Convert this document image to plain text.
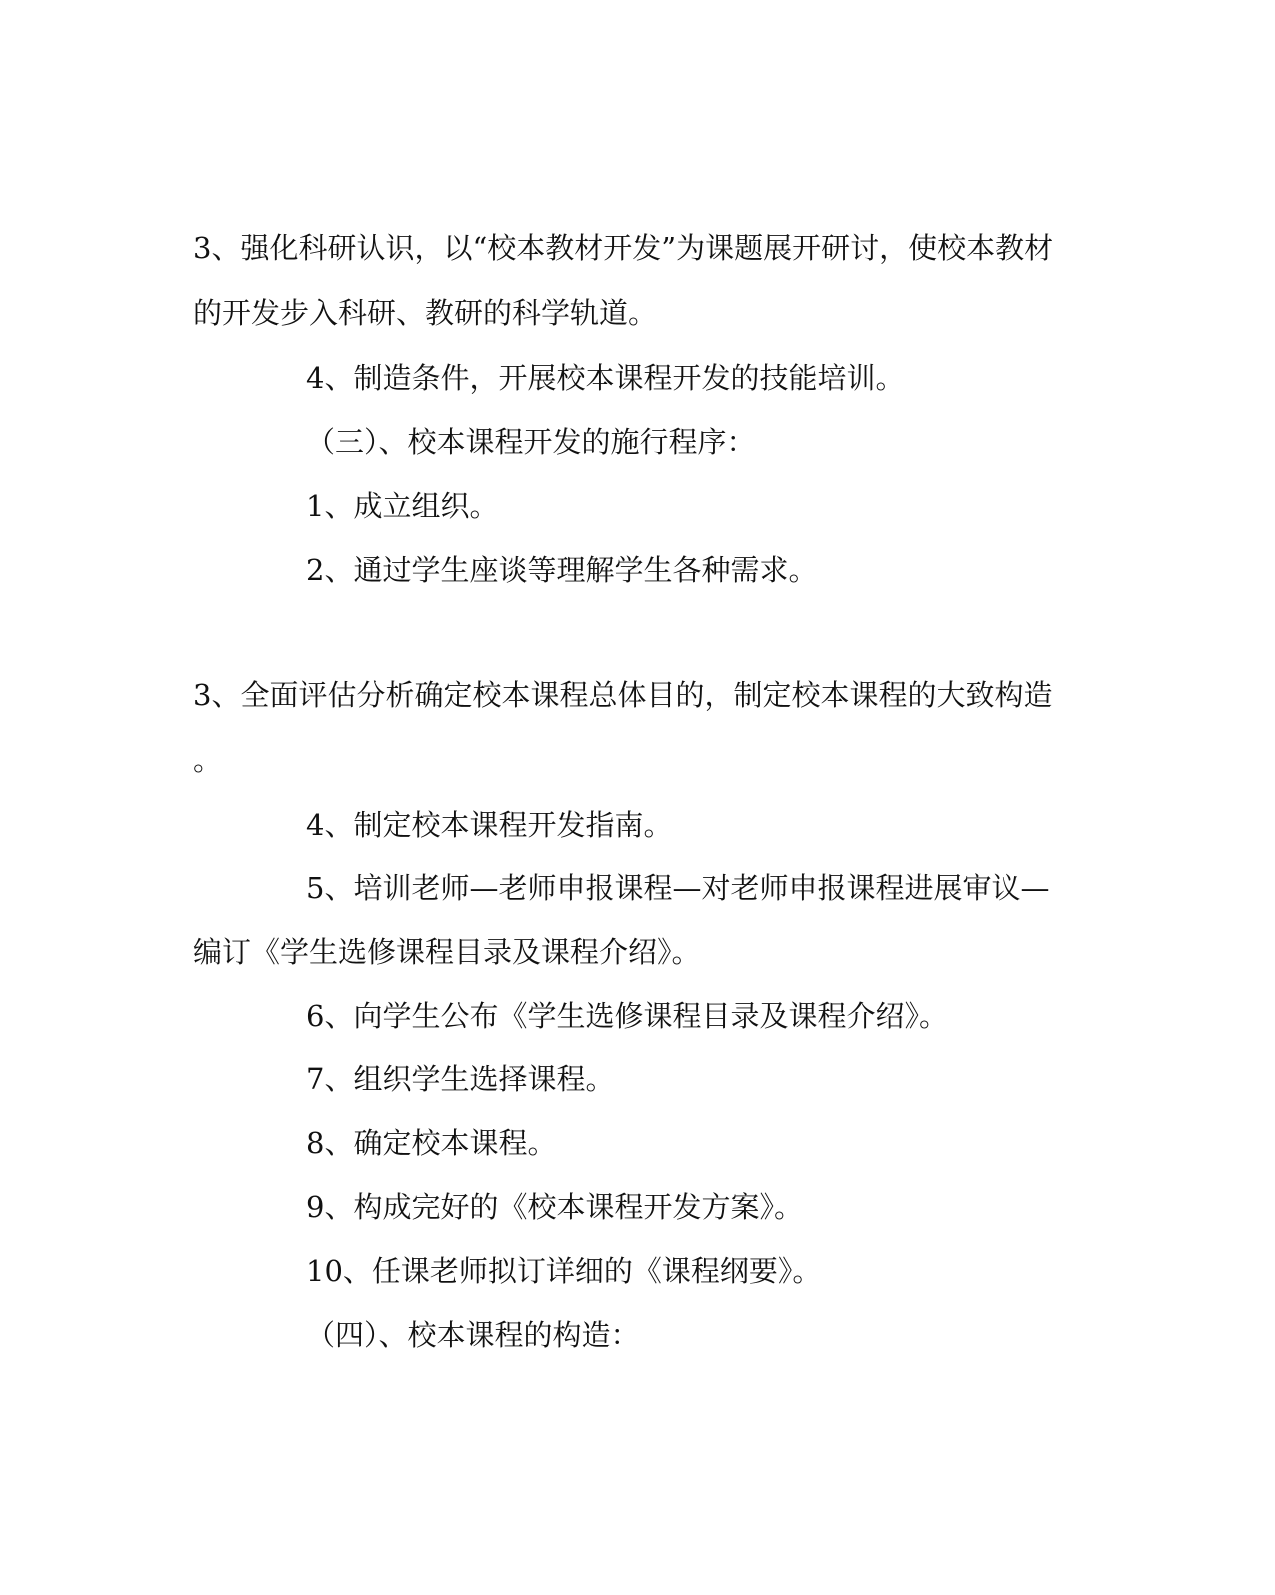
3、强化科研认识，以“校本教材开发”为课题展开研讨，使校本教材
的开发步入科研、教研的科学轨道。
4、制造条件，开展校本课程开发的技能培训。
（三）、校本课程开发的施行程序：
1、成立组织。
2、通过学生座谈等理解学生各种需求。
3、全面评估分析确定校本课程总体目的，制定校本课程的大致构造
。
4、制定校本课程开发指南。
5、培训老师—老师申报课程—对老师申报课程进展审议—
编订《学生选修课程目录及课程介绍》。
6、向学生公布《学生选修课程目录及课程介绍》。
7、组织学生选择课程。
8、确定校本课程。
9、构成完好的《校本课程开发方案》。
10、任课老师拟订详细的《课程纲要》。
（四）、校本课程的构造：
